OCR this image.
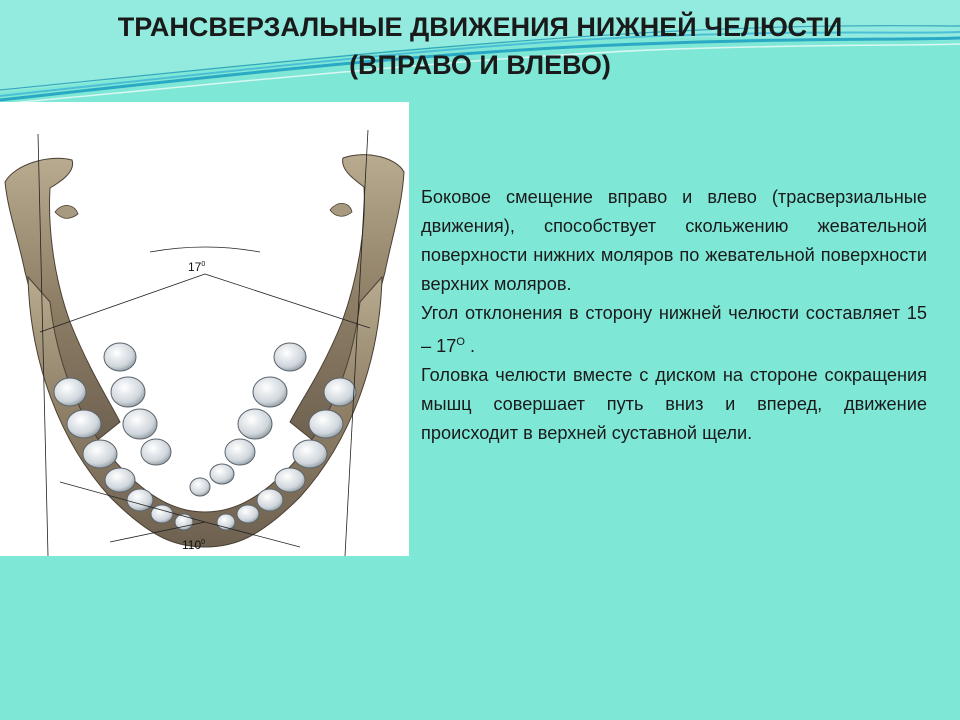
ТРАНСВЕРЗАЛЬНЫЕ ДВИЖЕНИЯ НИЖНЕЙ ЧЕЛЮСТИ
(ВПРАВО И ВЛЕВО)
$17^0$
$110^0$

Боковое смещение вправо и влево (трасверзиальные движения), способствует скольжению жевательной поверхности нижних моляров по жевательной поверхности верхних моляров.

Угол отклонения в сторону нижней челюсти составляет $15 - 17^О$ .

Головка челюсти вместе с диском на стороне сокращения мышц совершает путь вниз и вперед, движение происходит в верхней суставной щели.
